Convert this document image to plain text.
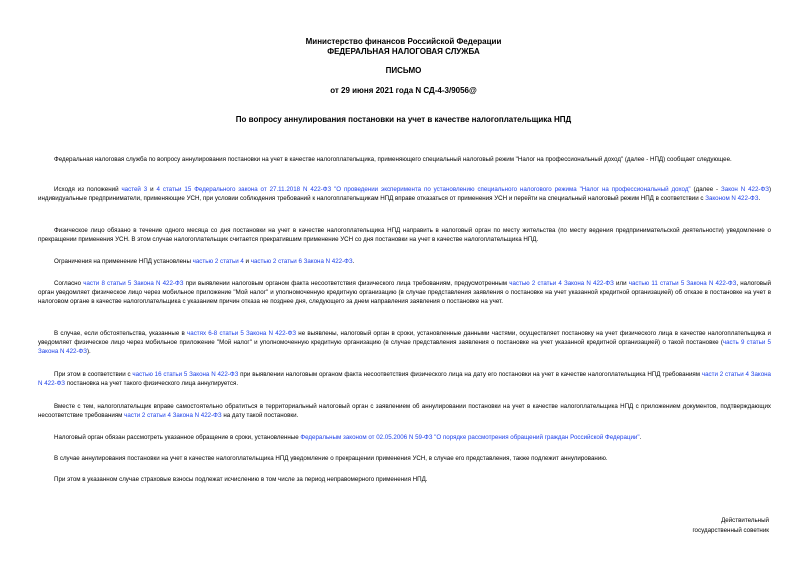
Министерство финансов Российской Федерации
ФЕДЕРАЛЬНАЯ НАЛОГОВАЯ СЛУЖБА
ПИСЬМО
от 29 июня 2021 года N СД-4-3/9056@
По вопросу аннулирования постановки на учет в качестве налогоплательщика НПД

Федеральная налоговая служба по вопросу аннулирования постановки на учет в качестве налогоплательщика, применяющего специальный налоговый режим "Налог на профессиональный доход" (далее - НПД) сообщает следующее.

Исходя из положений частей 3 и 4 статьи 15 Федерального закона от 27.11.2018 N 422-ФЗ "О проведении эксперимента по установлению специального налогового режима "Налог на профессиональный доход" (далее - Закон N 422-ФЗ) индивидуальные предприниматели, применяющие УСН, при условии соблюдения требований к налогоплательщикам НПД вправе отказаться от применения УСН и перейти на специальный налоговый режим НПД в соответствии с Законом N 422-ФЗ.

Физическое лицо обязано в течение одного месяца со дня постановки на учет в качестве налогоплательщика НПД направить в налоговый орган по месту жительства (по месту ведения предпринимательской деятельности) уведомление о прекращении применения УСН. В этом случае налогоплательщик считается прекратившим применение УСН со дня постановки на учет в качестве налогоплательщика НПД.

Ограничения на применение НПД установлены частью 2 статьи 4 и частью 2 статьи 6 Закона N 422-ФЗ.

Согласно части 8 статьи 5 Закона N 422-ФЗ при выявлении налоговым органом факта несоответствия физического лица требованиям, предусмотренным частью 2 статьи 4 Закона N 422-ФЗ или частью 11 статьи 5 Закона N 422-ФЗ, налоговый орган уведомляет физическое лицо через мобильное приложение "Мой налог" и уполномоченную кредитную организацию (в случае представления заявления о постановке на учет указанной кредитной организацией) об отказе в постановке на учет в налоговом органе в качестве налогоплательщика с указанием причин отказа не позднее дня, следующего за днем направления заявления о постановке на учет.

В случае, если обстоятельства, указанные в частях 6-8 статьи 5 Закона N 422-ФЗ не выявлены, налоговый орган в сроки, установленные данными частями, осуществляет постановку на учет физического лица в качестве налогоплательщика и уведомляет физическое лицо через мобильное приложение "Мой налог" и уполномоченную кредитную организацию (в случае представления заявления о постановке на учет указанной кредитной организацией) о такой постановке (часть 9 статьи 5 Закона N 422-ФЗ).

При этом в соответствии с частью 16 статьи 5 Закона N 422-ФЗ при выявлении налоговым органом факта несоответствия физического лица на дату его постановки на учет в качестве налогоплательщика НПД требованиям части 2 статьи 4 Закона N 422-ФЗ постановка на учет такого физического лица аннулируется.

Вместе с тем, налогоплательщик вправе самостоятельно обратиться в территориальный налоговый орган с заявлением об аннулировании постановки на учет в качестве налогоплательщика НПД с приложением документов, подтверждающих несоответствие требованиям части 2 статьи 4 Закона N 422-ФЗ на дату такой постановки.

Налоговый орган обязан рассмотреть указанное обращение в сроки, установленные Федеральным законом от 02.05.2006 N 59-ФЗ "О порядке рассмотрения обращений граждан Российской Федерации".

В случае аннулирования постановки на учет в качестве налогоплательщика НПД уведомление о прекращении применения УСН, в случае его представления, также подлежит аннулированию.

При этом в указанном случае страховые взносы подлежат исчислению в том числе за период неправомерного применения НПД.

Действительный
государственный советник
